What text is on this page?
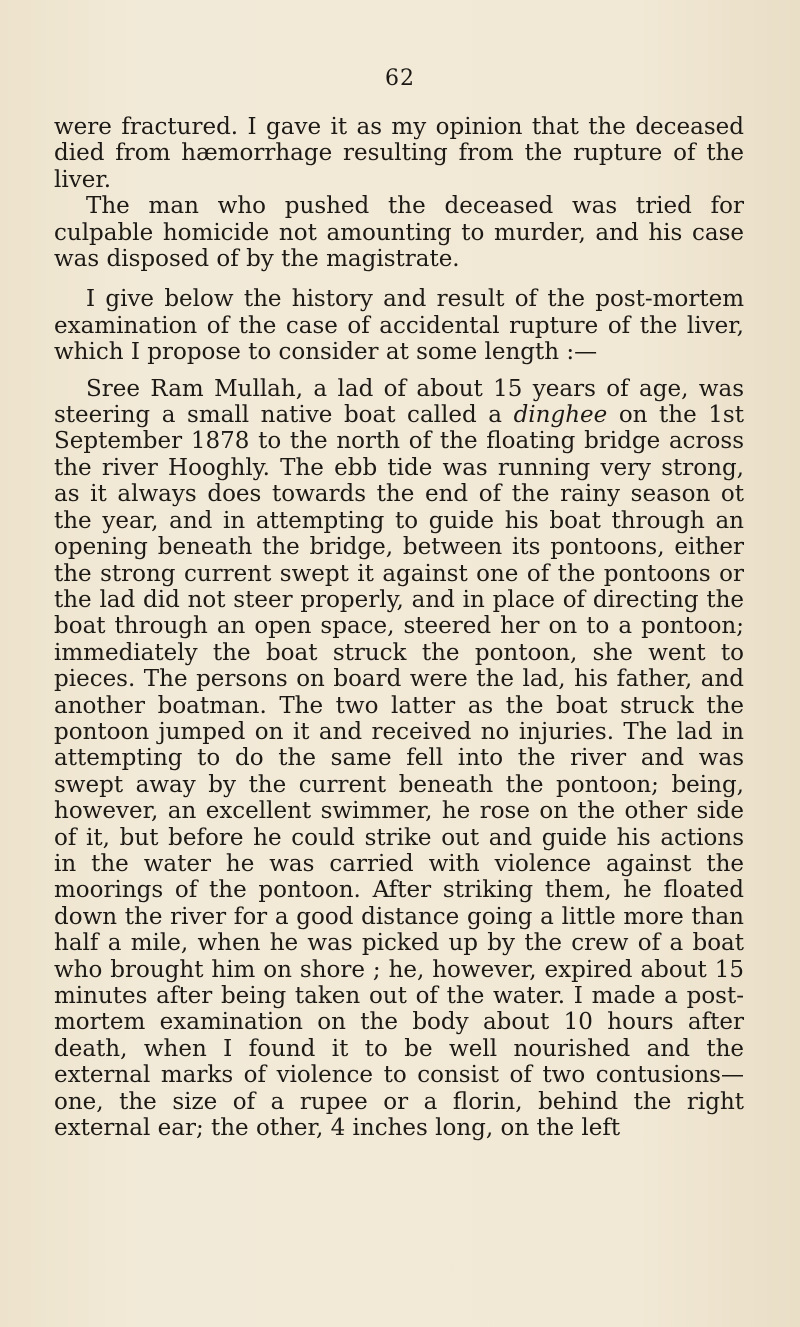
62

were fractured. I gave it as my opinion that the deceased died from hæmorrhage resulting from the rupture of the liver.

The man who pushed the deceased was tried for culpable homicide not amounting to murder, and his case was disposed of by the magistrate.

I give below the history and result of the post-mortem examination of the case of accidental rupture of the liver, which I propose to consider at some length :—

Sree Ram Mullah, a lad of about 15 years of age, was steering a small native boat called a dinghee on the 1st September 1878 to the north of the floating bridge across the river Hooghly. The ebb tide was running very strong, as it always does towards the end of the rainy season ot the year, and in attempting to guide his boat through an opening beneath the bridge, between its pontoons, either the strong current swept it against one of the pontoons or the lad did not steer properly, and in place of directing the boat through an open space, steered her on to a pontoon; immediately the boat struck the pontoon, she went to pieces. The persons on board were the lad, his father, and another boatman. The two latter as the boat struck the pontoon jumped on it and received no injuries. The lad in attempting to do the same fell into the river and was swept away by the current beneath the pontoon; being, however, an excellent swimmer, he rose on the other side of it, but before he could strike out and guide his actions in the water he was carried with violence against the moorings of the pontoon. After striking them, he floated down the river for a good distance going a little more than half a mile, when he was picked up by the crew of a boat who brought him on shore ; he, however, expired about 15 minutes after being taken out of the water. I made a post-mortem examination on the body about 10 hours after death, when I found it to be well nourished and the external marks of violence to consist of two contusions—one, the size of a rupee or a florin, behind the right external ear; the other, 4 inches long, on the left
